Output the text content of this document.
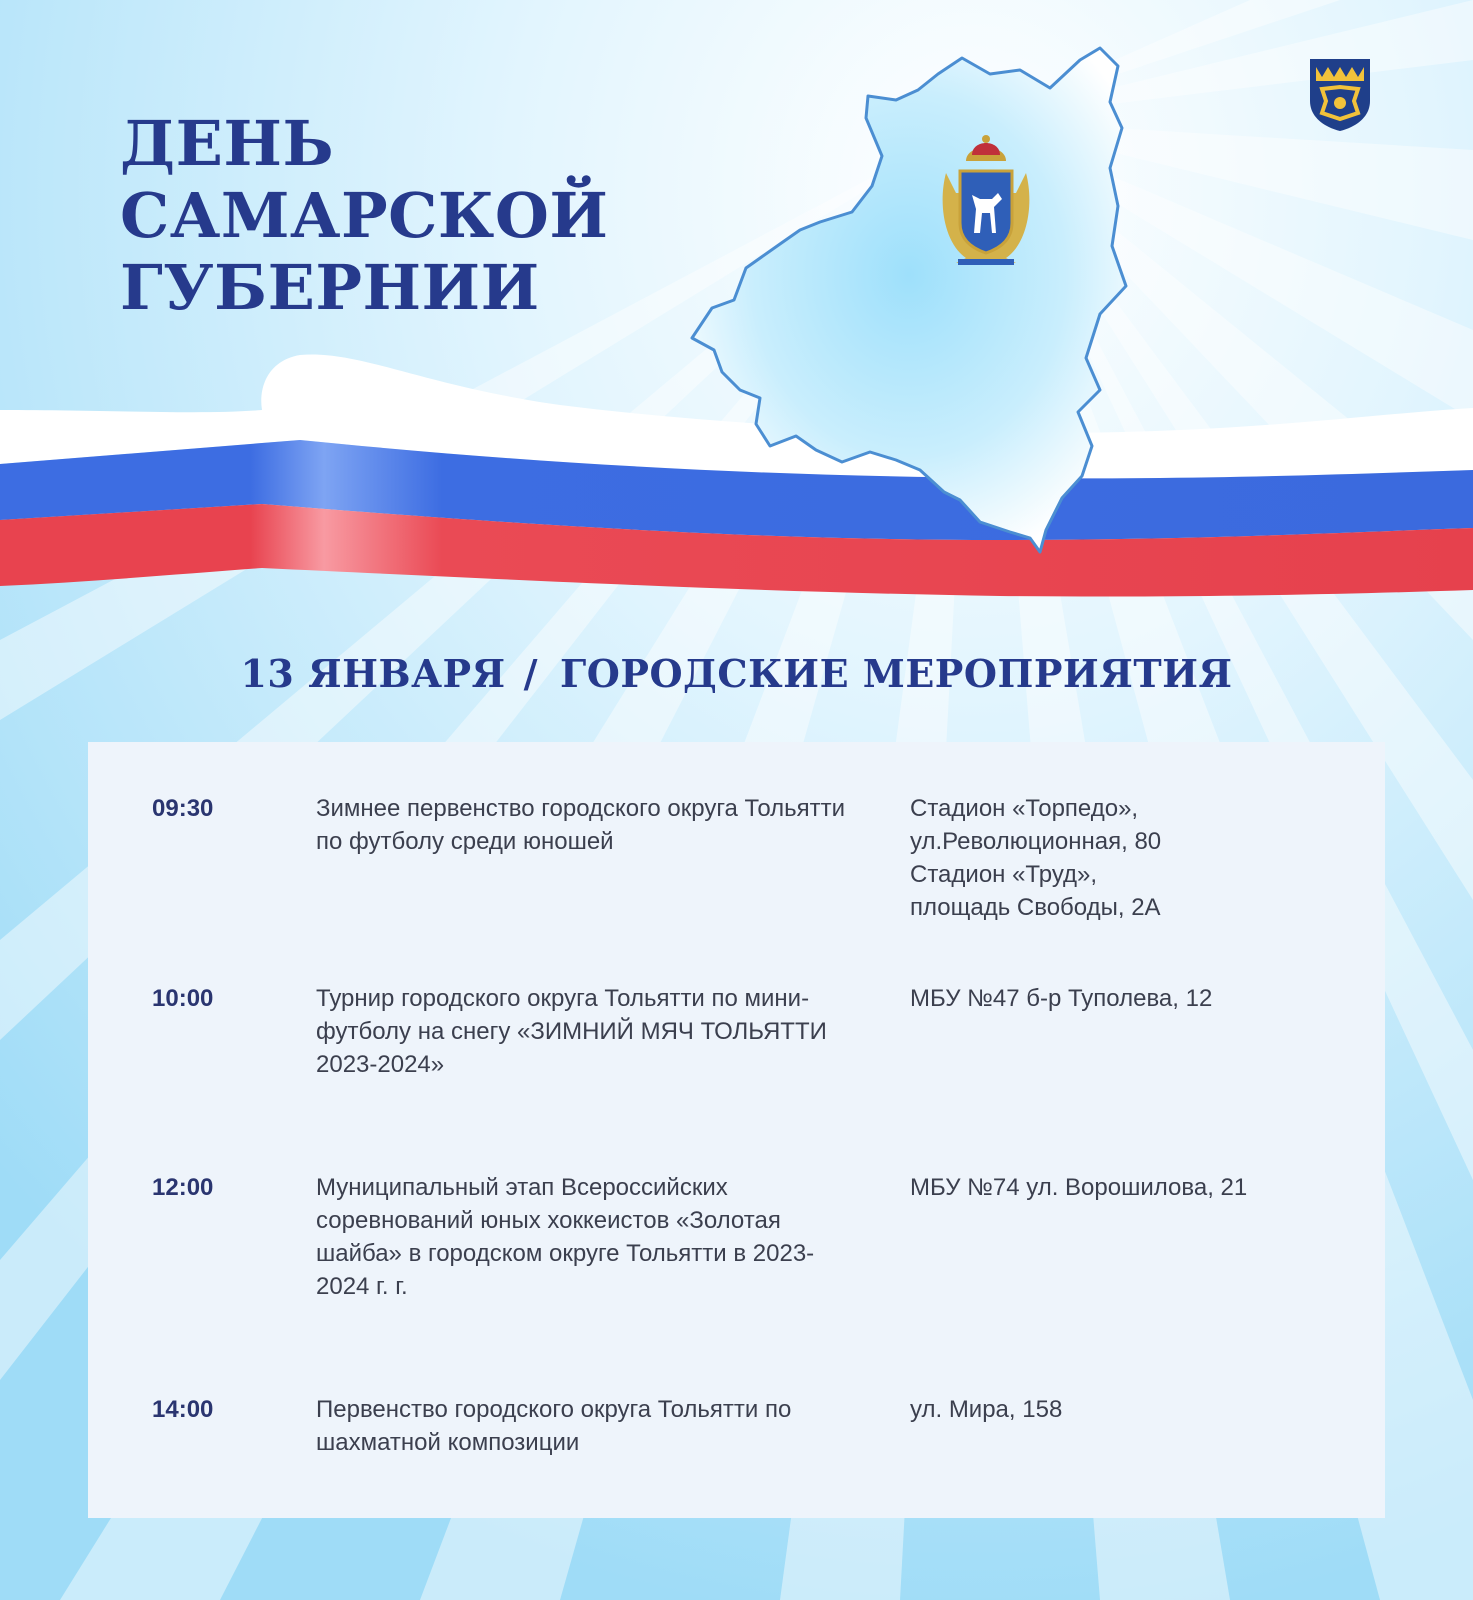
ДЕНЬ
САМАРСКОЙ
ГУБЕРНИИ
13 ЯНВАРЯ / ГОРОДСКИЕ МЕРОПРИЯТИЯ
09:30	Зимнее первенство городского округа Тольятти по футболу среди юношей
Стадион «Торпедо»,
ул.Революционная, 80
Стадион «Труд»,
площадь Свободы, 2А
10:00	Турнир городского округа Тольятти по мини-футболу на снегу «ЗИМНИЙ МЯЧ ТОЛЬЯТТИ 2023-2024»
МБУ №47 б-р Туполева, 12
12:00	Муниципальный этап Всероссийских соревнований юных хоккеистов «Золотая шайба» в городском округе Тольятти в 2023-2024 г. г.
МБУ №74 ул. Ворошилова, 21
14:00	Первенство городского округа Тольятти по шахматной композиции
ул. Мира, 158
